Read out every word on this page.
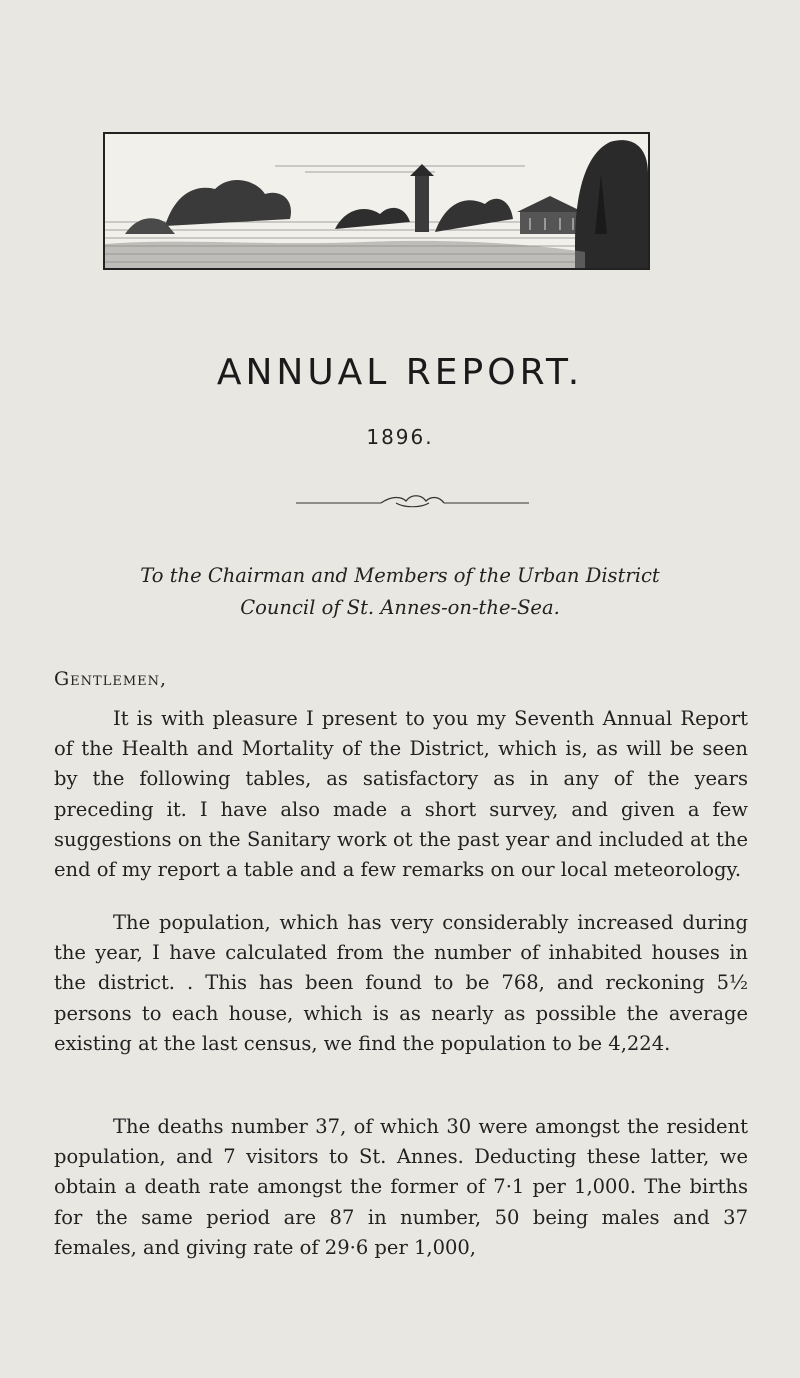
ANNUAL REPORT.
1896.
To the Chairman and Members of the Urban District
Council of St. Annes-on-the-Sea.
Gentlemen,

It is with pleasure I present to you my Seventh Annual Report of the Health and Mortality of the District, which is, as will be seen by the following tables, as satisfactory as in any of the years preceding it. I have also made a short survey, and given a few suggestions on the Sanitary work ot the past year and included at the end of my report a table and a few remarks on our local meteorology.

The population, which has very considerably increased during the year, I have calculated from the number of inhabited houses in the district. . This has been found to be 768, and reckoning 5½ persons to each house, which is as nearly as possible the average existing at the last census, we find the population to be 4,224.

The deaths number 37, of which 30 were amongst the resident population, and 7 visitors to St. Annes. Deducting these latter, we obtain a death rate amongst the former of 7·1 per 1,000. The births for the same period are 87 in number, 50 being males and 37 females, and giving rate of 29·6 per 1,000,
